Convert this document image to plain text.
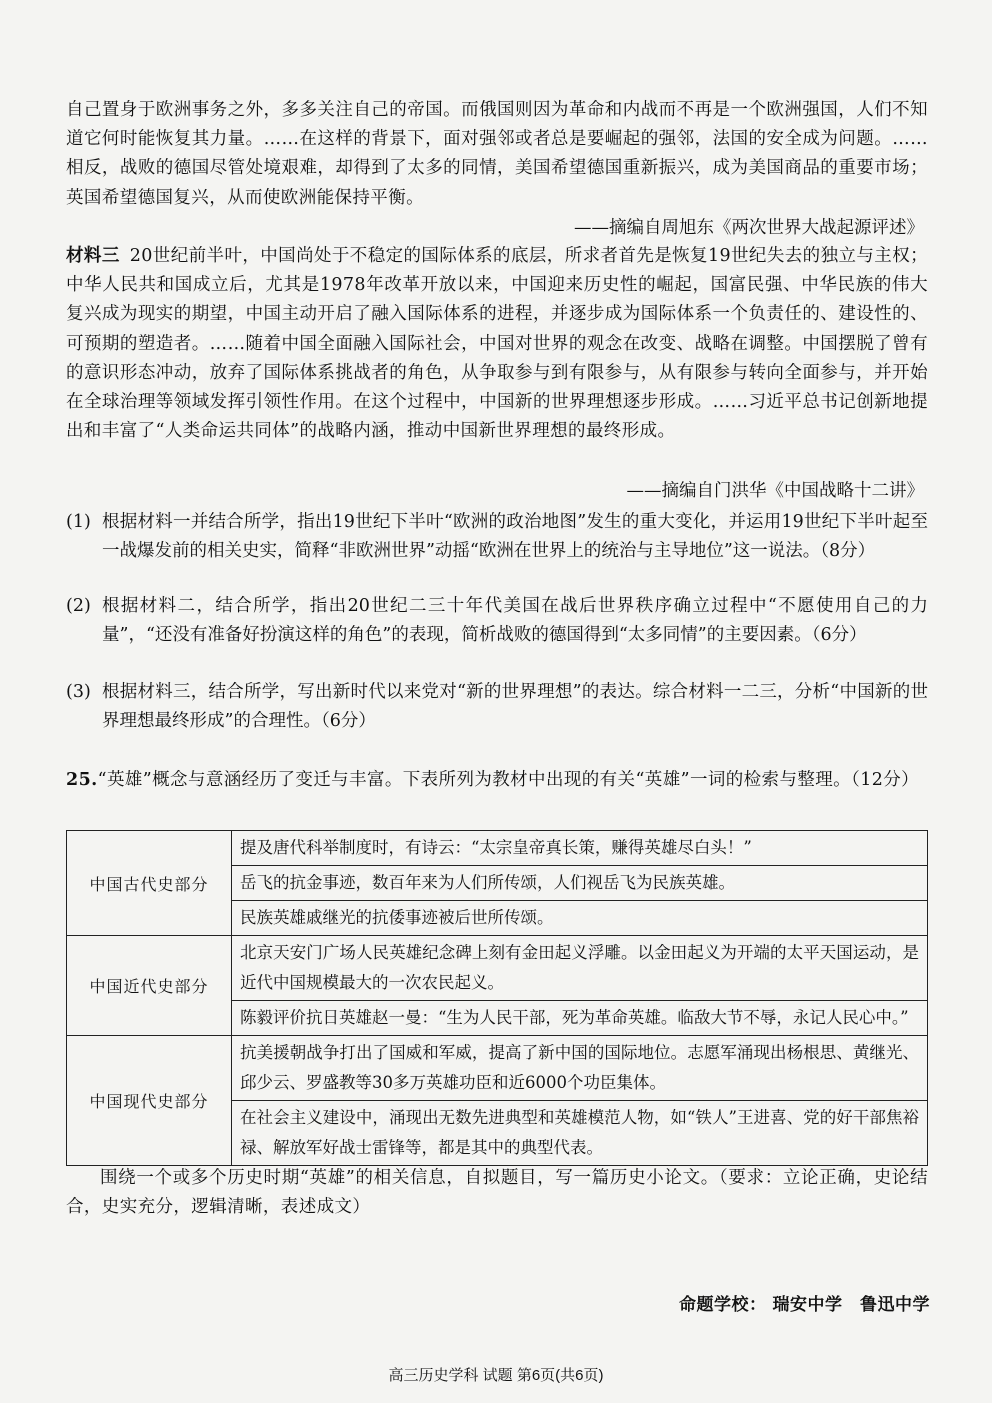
自己置身于欧洲事务之外，多多关注自己的帝国。而俄国则因为革命和内战而不再是一个欧洲强国，人们不知道它何时能恢复其力量。……在这样的背景下，面对强邻或者总是要崛起的强邻，法国的安全成为问题。……相反，战败的德国尽管处境艰难，却得到了太多的同情，美国希望德国重新振兴，成为美国商品的重要市场；英国希望德国复兴，从而使欧洲能保持平衡。

——摘编自周旭东《两次世界大战起源评述》

材料三 20世纪前半叶，中国尚处于不稳定的国际体系的底层，所求者首先是恢复19世纪失去的独立与主权；中华人民共和国成立后，尤其是1978年改革开放以来，中国迎来历史性的崛起，国富民强、中华民族的伟大复兴成为现实的期望，中国主动开启了融入国际体系的进程，并逐步成为国际体系一个负责任的、建设性的、可预期的塑造者。……随着中国全面融入国际社会，中国对世界的观念在改变、战略在调整。中国摆脱了曾有的意识形态冲动，放弃了国际体系挑战者的角色，从争取参与到有限参与，从有限参与转向全面参与，并开始在全球治理等领域发挥引领性作用。在这个过程中，中国新的世界理想逐步形成。……习近平总书记创新地提出和丰富了“人类命运共同体”的战略内涵，推动中国新世界理想的最终形成。

——摘编自门洪华《中国战略十二讲》

(1) 根据材料一并结合所学，指出19世纪下半叶“欧洲的政治地图”发生的重大变化，并运用19世纪下半叶起至一战爆发前的相关史实，简释“非欧洲世界”动摇“欧洲在世界上的统治与主导地位”这一说法。（8分）
(2) 根据材料二，结合所学，指出20世纪二三十年代美国在战后世界秩序确立过程中“不愿使用自己的力量”，“还没有准备好扮演这样的角色”的表现，简析战败的德国得到“太多同情”的主要因素。（6分）
(3) 根据材料三，结合所学，写出新时代以来党对“新的世界理想”的表达。综合材料一二三，分析“中国新的世界理想最终形成”的合理性。（6分）

25.“英雄”概念与意涵经历了变迁与丰富。下表所列为教材中出现的有关“英雄”一词的检索与整理。（12分）

中国古代史部分	提及唐代科举制度时，有诗云：“太宗皇帝真长策，赚得英雄尽白头！”
	岳飞的抗金事迹，数百年来为人们所传颂，人们视岳飞为民族英雄。
	民族英雄戚继光的抗倭事迹被后世所传颂。
中国近代史部分	北京天安门广场人民英雄纪念碑上刻有金田起义浮雕。以金田起义为开端的太平天国运动，是近代中国规模最大的一次农民起义。
	陈毅评价抗日英雄赵一曼：“生为人民干部，死为革命英雄。临敌大节不辱，永记人民心中。”
中国现代史部分	抗美援朝战争打出了国威和军威，提高了新中国的国际地位。志愿军涌现出杨根思、黄继光、邱少云、罗盛教等30多万英雄功臣和近6000个功臣集体。
	在社会主义建设中，涌现出无数先进典型和英雄模范人物，如“铁人”王进喜、党的好干部焦裕禄、解放军好战士雷锋等，都是其中的典型代表。

围绕一个或多个历史时期“英雄”的相关信息，自拟题目，写一篇历史小论文。（要求：立论正确，史论结合，史实充分，逻辑清晰，表述成文）

命题学校： 瑞安中学　鲁迅中学
高三历史学科 试题 第6页(共6页)
